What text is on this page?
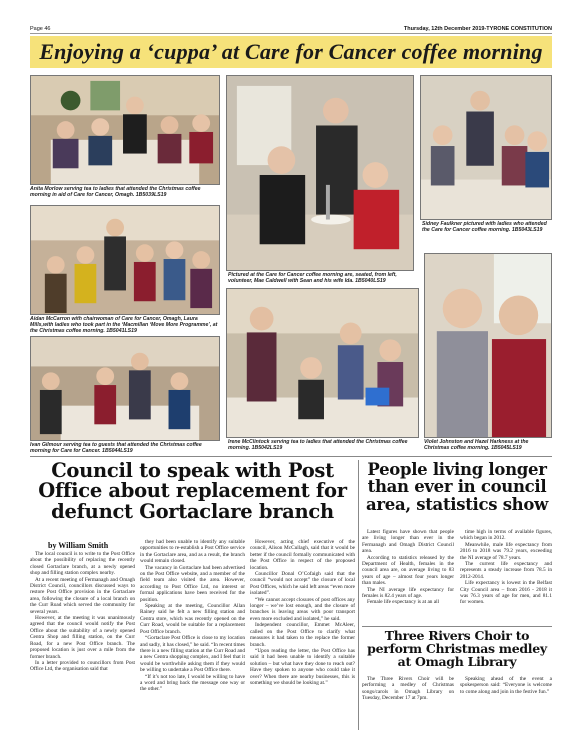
Page 46	Thursday, 12th December 2019-TYRONE CONSTITUTION
Enjoying a ‘cuppa’ at Care for Cancer coffee morning
Anita Morlow serving tea to ladies that attended the Christmas coffee morning in aid of Care for Cancer, Omagh. 1B5039LS19
Pictured at the Care for Cancer coffee morning are, seated, from left, volunteer, Mae Caldwell with Sean and his wife Ida. 1B5040LS19
Sidney Faulkner pictured with ladies who attended the Care for Cancer coffee morning. 1B5043LS19
Aidan McCarron with chairwoman of Care for Cancer, Omagh, Laura Mills,with ladies who took part in the ‘Macmillan ‘Move More Programme’, at the Christmas coffee morning. 1B5041LS19
Ivan Gilmour serving tea to guests that attended the Christmas coffee morning for Care for Cancer. 1B5044LS19
Irene McClintock serving tea to ladies that attended the Christmas coffee morning. 1B5042LS19
Violet Johnston and Hazel Harkness at the Christmas coffee morning. 1B5045LS19
Council to speak with Post Office about replacement for defunct Gortaclare branch
by William Smith

The local council is to write to the Post Office about the possibility of replacing the recently closed Gortaclare branch, at a newly opened shop and filling station complex nearby.

At a recent meeting of Fermanagh and Omagh District Council, councillors discussed ways to restore Post Office provision in the Gortaclare area, following the closure of a local branch on the Curr Road which served the community for several years.

However, at the meeting it was unanimously agreed that the council would notify the Post Office about the suitability of a newly opened Centra Shop and filling station, on the Curr Road, for a new Post Office branch. The proposed location is just over a mile from the former branch.

In a letter provided to councillors from Post Office Ltd, the organisation said that

they had been unable to identify any suitable opportunities to re-establish a Post Office service in the Gortaclare area, and as a result, the branch would remain closed.

The vacancy in Gortaclare had been advertised on the Post Office website, and a member of the field team also visited the area. However, according to Post Office Ltd, no interest or formal applications have been received for the position.

Speaking at the meeting, Councillor Allan Rainey said he felt a new filling station and Centra store, which was recently opened on the Curr Road, would be suitable for a replacement Post Office branch.

“Gortaclare Post Office is close to my location and sadly, it has closed,” he said. “In recent times there is a new filling station at the Curr Road and a new Centra shopping complex, and I feel that it would be worthwhile asking them if they would be willing to undertake a Post Office there.

“If it’s not too late, I would be willing to have a word and bring back the message one way or the other.”

However, acting chief executive of the council, Alison McCullagh, said that it would be better if the council formally communicated with the Post Office in respect of the proposed location.

Councillor Donal O’Cofaigh said that the council “would not accept” the closure of local Post Offices, which he said left areas “even more isolated”.

“We cannot accept closures of post offices any longer – we’ve lost enough, and the closure of branches is leaving areas with poor transport even more excluded and isolated,” he said.

Independent councillor, Emmet McAleer, called on the Post Office to clarify what measures it had taken to the replace the former branch.

“Upon reading the letter, the Post Office has said it had been unable to identify a suitable solution – but what have they done to reach out? Have they spoken to anyone who could take it over? When there are nearby businesses, this is something we should be looking at.”

People living longer than ever in council area, statistics show

Latest figures have shown that people are living longer than ever in the Fermanagh and Omagh District Council area.

According to statistics released by the Department of Health, females in the council area are, on average living to 83 years of age – almost four years longer than males.

The NI average life expectancy for females is 82.4 years of age.

Female life expectancy is at an all

time high in terms of available figures, which began in 2012.

Meanwhile, male life expectancy from 2016 to 2018 was 79.2 years, exceeding the NI average of 78.7 years.

The current life expectancy and represents a steady increase from 78.5 in 2012-2014.

Life expectancy is lowest in the Belfast City Council area – from 2016 - 2018 it was 76.3 years of age for men, and 81.1 for women.

Three Rivers Choir to perform Christmas medley at Omagh Library

The Three Rivers Choir will be performing a medley of Christmas songs/carols in Omagh Library on Tuesday, December 17 at 7pm.

Speaking ahead of the event a spokesperson said: “Everyone is welcome to come along and join in the festive fun.”
